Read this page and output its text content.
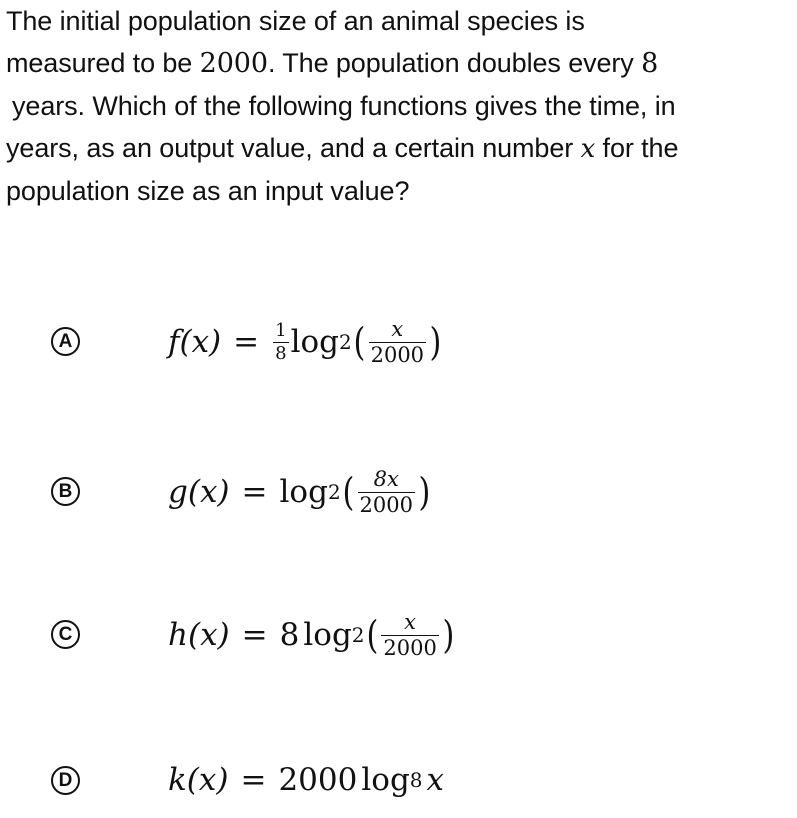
The initial population size of an animal species is
measured to be 2000. The population doubles every 8
years. Which of the following functions gives the time, in
years, as an output value, and a certain number x for the
population size as an input value?
A	f $(x) = \frac{1}{8}$ log 2 ( $\frac{x}{2000}$ )
B	g (x) = log 2 ( $\frac{8x}{2000}$ )
C	h (x) = 8 log 2 ( $\frac{x}{2000}$ )
D	k (x) = 2000 log 8 x
